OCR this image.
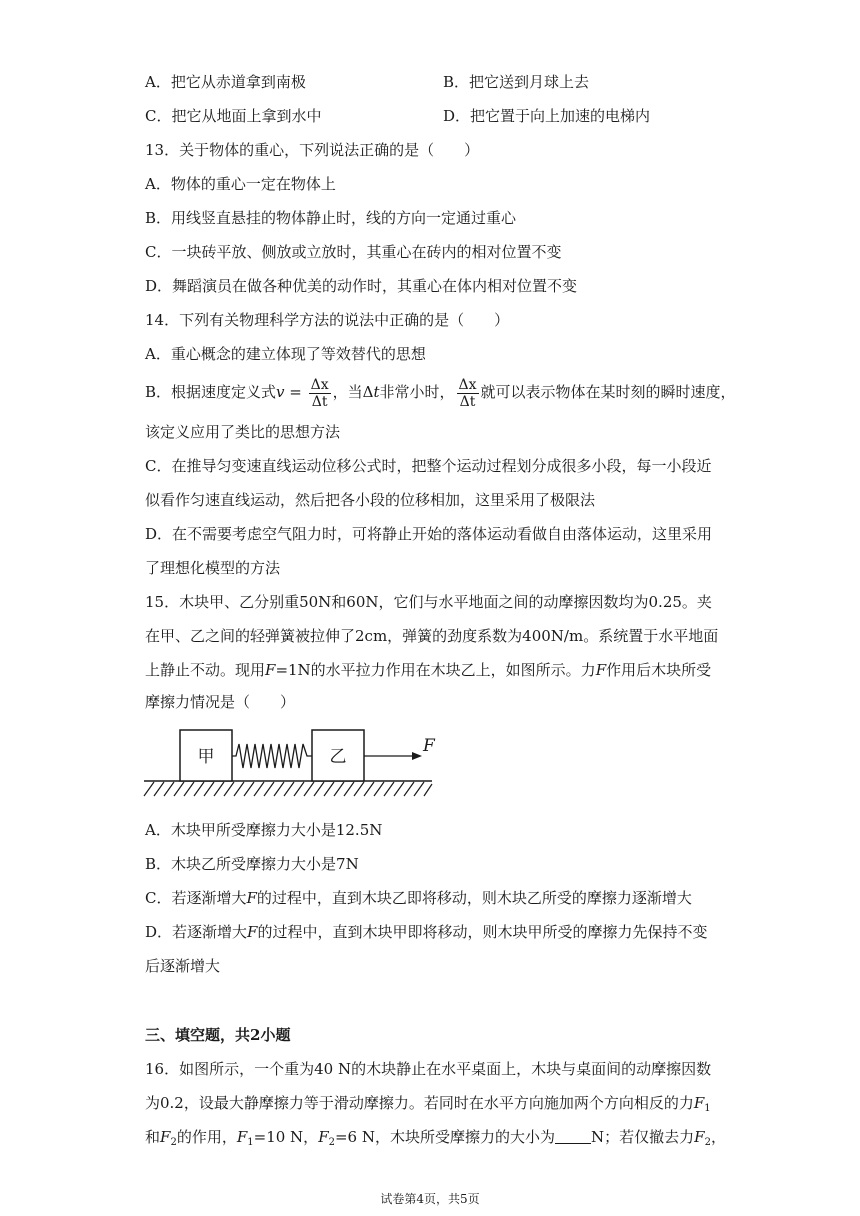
A．把它从赤道拿到南极	B．把它送到月球上去
C．把它从地面上拿到水中	D．把它置于向上加速的电梯内
13．关于物体的重心，下列说法正确的是（　　）
A．物体的重心一定在物体上
B．用线竖直悬挂的物体静止时，线的方向一定通过重心
C．一块砖平放、侧放或立放时，其重心在砖内的相对位置不变
D．舞蹈演员在做各种优美的动作时，其重心在体内相对位置不变
14．下列有关物理科学方法的说法中正确的是（　　）
A．重心概念的建立体现了等效替代的思想
B．根据速度定义式$v = \frac{\Delta x}{\Delta t}$ ，当Δt非常小时， $\frac{\Delta x}{\Delta t}$ 就可以表示物体在某时刻的瞬时速度，
该定义应用了类比的思想方法
C．在推导匀变速直线运动位移公式时，把整个运动过程划分成很多小段，每一小段近
似看作匀速直线运动，然后把各小段的位移相加，这里采用了极限法
D．在不需要考虑空气阻力时，可将静止开始的落体运动看做自由落体运动，这里采用
了理想化模型的方法
15．木块甲、乙分别重50N和60N，它们与水平地面之间的动摩擦因数均为0.25。夹
在甲、乙之间的轻弹簧被拉伸了2cm，弹簧的劲度系数为400N/m。系统置于水平地面
上静止不动。现用F=1N的水平拉力作用在木块乙上，如图所示。力F作用后木块所受
摩擦力情况是（　　）
甲	乙
F
A．木块甲所受摩擦力大小是12.5N
B．木块乙所受摩擦力大小是7N
C．若逐渐增大F的过程中，直到木块乙即将移动，则木块乙所受的摩擦力逐渐增大
D．若逐渐增大F的过程中，直到木块甲即将移动，则木块甲所受的摩擦力先保持不变
后逐渐增大
三、填空题，共2小题
16．如图所示，一个重为40 N的木块静止在水平桌面上，木块与桌面间的动摩擦因数
为0.2，设最大静摩擦力等于滑动摩擦力。若同时在水平方向施加两个方向相反的力$F_1$
和$F_2$的作用，$F_1=10$ N，$F_2=6$ N，木块所受摩擦力的大小为 N；若仅撤去力$F_2$，
试卷第4页，共5页
